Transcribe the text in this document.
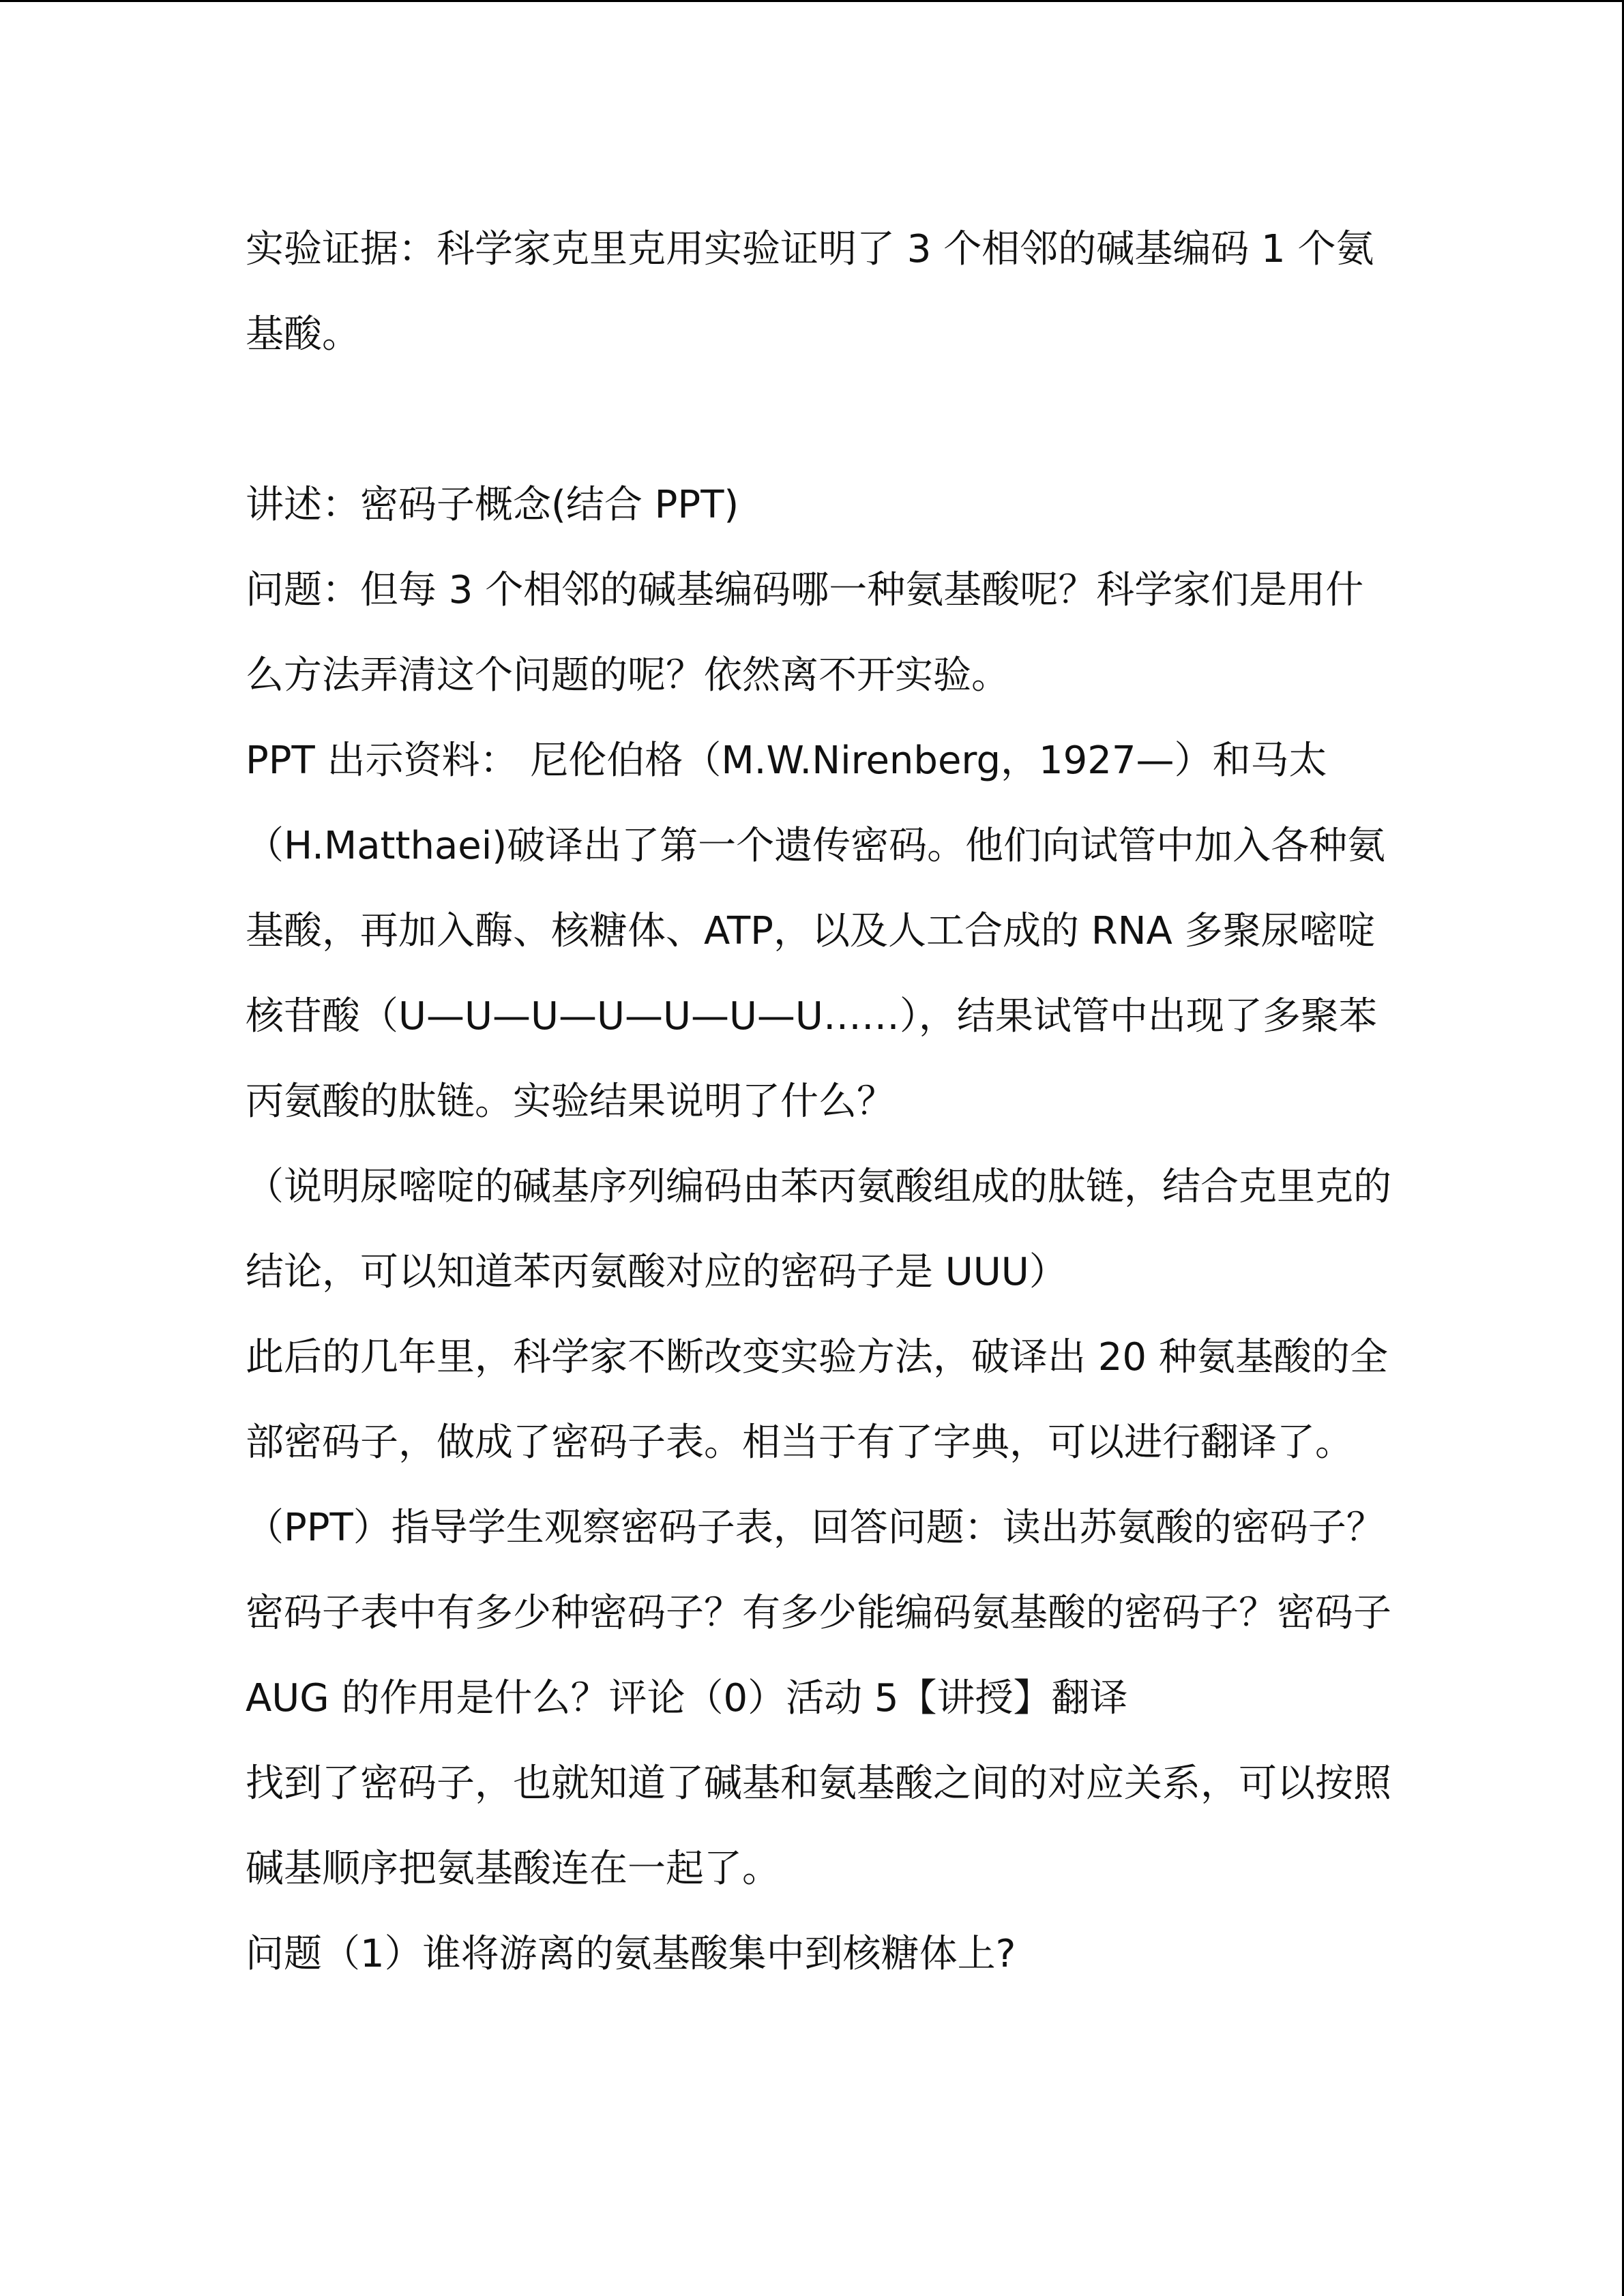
实验证据：科学家克里克用实验证明了 3 个相邻的碱基编码 1 个氨基酸。

讲述：密码子概念(结合 PPT)

问题：但每 3 个相邻的碱基编码哪一种氨基酸呢？科学家们是用什么方法弄清这个问题的呢？依然离不开实验。

PPT 出示资料： 尼伦伯格（M.W.Nirenberg，1927—）和马太（H.Matthaei)破译出了第一个遗传密码。他们向试管中加入各种氨基酸，再加入酶、核糖体、ATP，以及人工合成的 RNA 多聚尿嘧啶核苷酸（U—U—U—U—U—U—U……），结果试管中出现了多聚苯丙氨酸的肽链。实验结果说明了什么？

（说明尿嘧啶的碱基序列编码由苯丙氨酸组成的肽链，结合克里克的结论，可以知道苯丙氨酸对应的密码子是 UUU）

此后的几年里，科学家不断改变实验方法，破译出 20 种氨基酸的全部密码子，做成了密码子表。相当于有了字典，可以进行翻译了。

（PPT）指导学生观察密码子表，回答问题：读出苏氨酸的密码子？密码子表中有多少种密码子？有多少能编码氨基酸的密码子？密码子 AUG 的作用是什么？评论（0）活动 5【讲授】翻译

找到了密码子，也就知道了碱基和氨基酸之间的对应关系，可以按照碱基顺序把氨基酸连在一起了。

问题（1）谁将游离的氨基酸集中到核糖体上?
